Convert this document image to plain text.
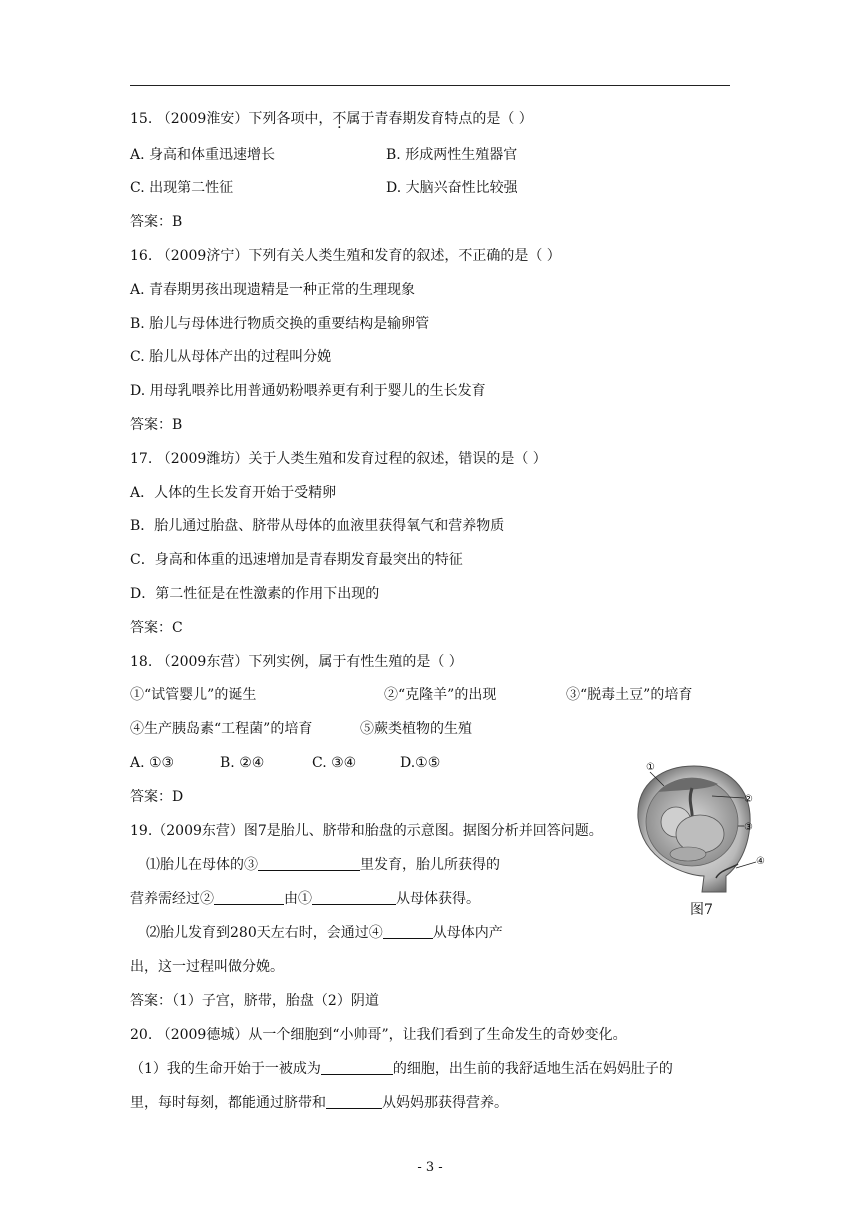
15. （2009淮安）下列各项中，不属于青春期发育特点的是（ ）
A. 身高和体重迅速增长	B. 形成两性生殖器官
C. 出现第二性征	D. 大脑兴奋性比较强
答案：B
16. （2009济宁）下列有关人类生殖和发育的叙述，不正确的是（ ）
A. 青春期男孩出现遗精是一种正常的生理现象
B. 胎儿与母体进行物质交换的重要结构是输卵管
C. 胎儿从母体产出的过程叫分娩
D. 用母乳喂养比用普通奶粉喂养更有利于婴儿的生长发育
答案：B
17. （2009潍坊）关于人类生殖和发育过程的叙述，错误的是（ ）
A．人体的生长发育开始于受精卵
B．胎儿通过胎盘、脐带从母体的血液里获得氧气和营养物质
C．身高和体重的迅速增加是青春期发育最突出的特征
D．第二性征是在性激素的作用下出现的
答案：C
18. （2009东营）下列实例，属于有性生殖的是（ ）
①“试管婴儿”的诞生	②“克隆羊”的出现	③“脱毒土豆”的培育
④生产胰岛素“工程菌”的培育	⑤蕨类植物的生殖
A. ①③	B. ②④	C. ③④	D.①⑤
答案：D
19.（2009东营）图7是胎儿、脐带和胎盘的示意图。据图分析并回答问题。
⑴胎儿在母体的③	里发育，胎儿所获得的
营养需经过②	由①	从母体获得。
⑵胎儿发育到280天左右时，会通过④	从母体内产
出，这一过程叫做分娩。
答案：（1）子宫，脐带，胎盘（2）阴道
①
②
③
④
图7
20. （2009德城）从一个细胞到“小帅哥”，让我们看到了生命发生的奇妙变化。
（1）我的生命开始于一被成为	的细胞，出生前的我舒适地生活在妈妈肚子的
里，每时每刻，都能通过脐带和	从妈妈那获得营养。
- 3 -
